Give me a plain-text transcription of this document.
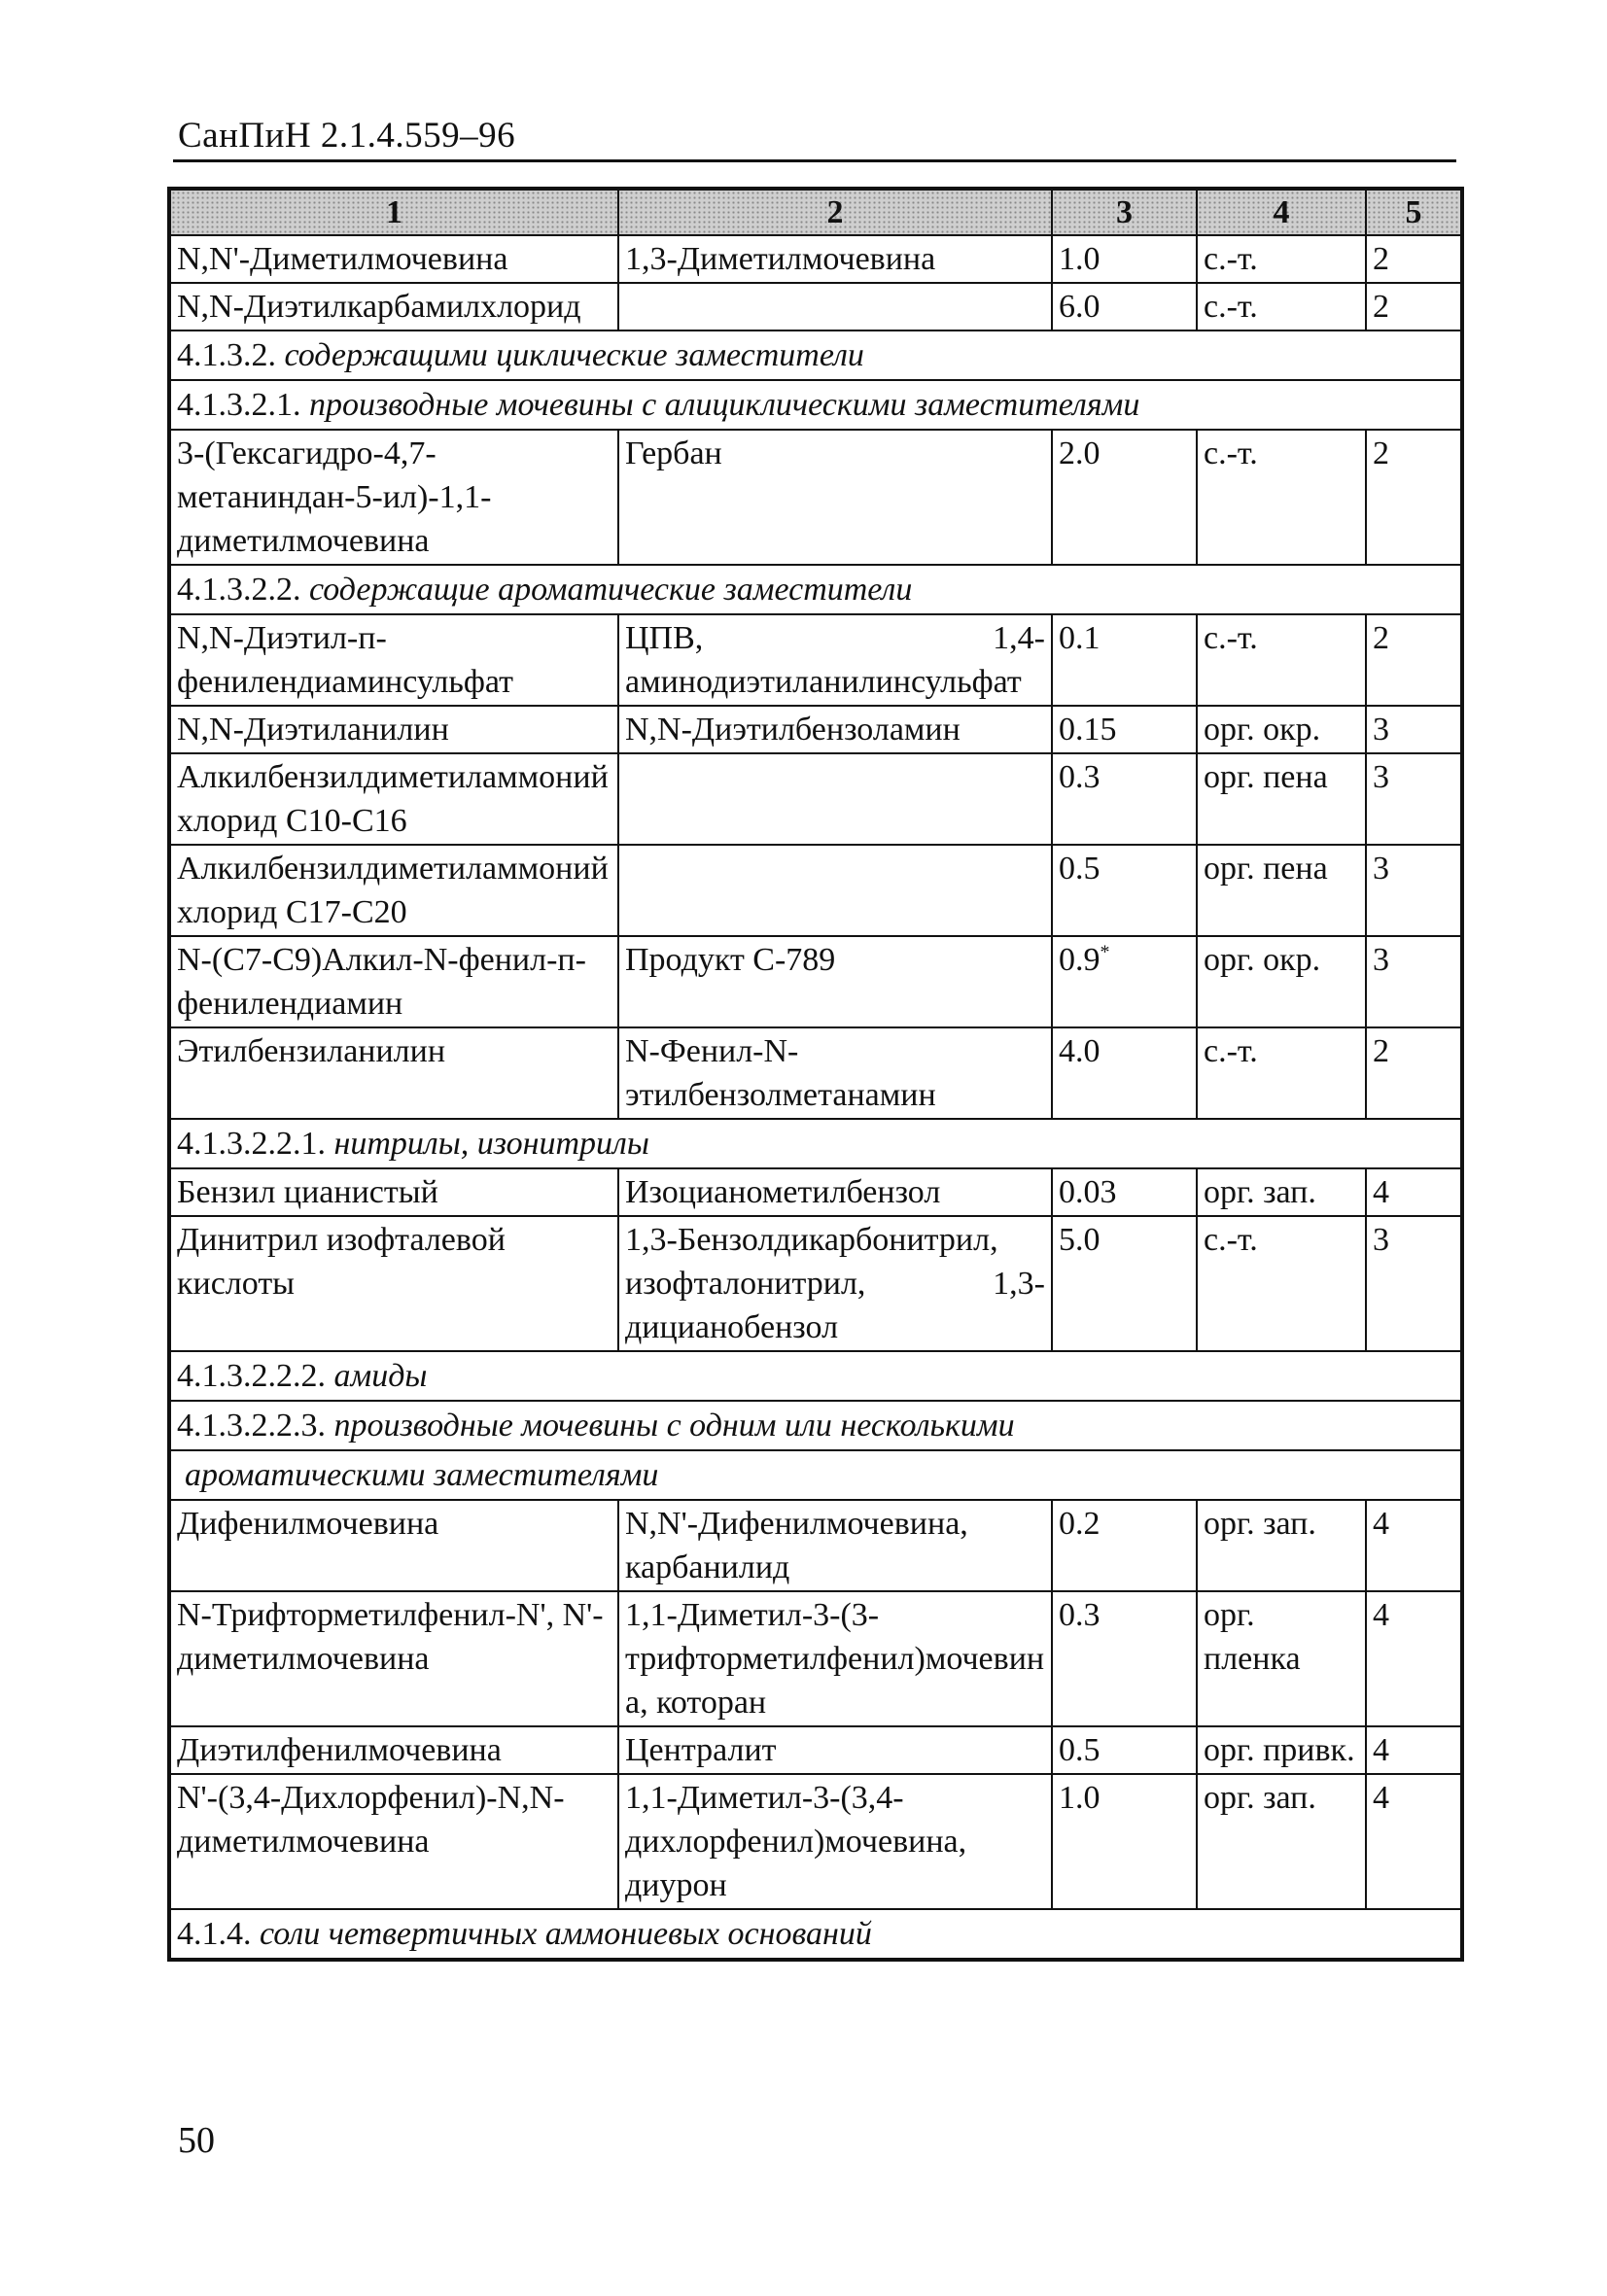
СанПиН 2.1.4.559–96
1	2	3	4	5
N,N'-Диметилмочевина	1,3-Диметилмочевина	1.0	с.-т.	2
N,N-Диэтилкарбамилхлорид		6.0	с.-т.	2
4.1.3.2. содержащими циклические заместители				
4.1.3.2.1. производные мочевины с алициклическими заместителями				
3-(Гексагидро-4,7-метаниндан-5-ил)-1,1-диметилмочевина	Гербан	2.0	с.-т.	2
4.1.3.2.2. содержащие ароматические заместители				
N,N-Диэтил-п-фенилендиаминсульфат	ЦПВ, 1,4-аминодиэтиланилинсульфат	0.1	с.-т.	2
N,N-Диэтиланилин	N,N-Диэтилбензоламин	0.15	орг. окр.	3
Алкилбензилдиметиламмоний хлорид С10-С16		0.3	орг. пена	3
Алкилбензилдиметиламмоний хлорид С17-С20		0.5	орг. пена	3
N-(C7-C9)Алкил-N-фенил-п-фенилендиамин	Продукт С-789	0.9*	орг. окр.	3
Этилбензиланилин	N-Фенил-N-этилбензолметанамин	4.0	с.-т.	2
4.1.3.2.2.1. нитрилы, изонитрилы				
Бензил цианистый	Изоцианометилбензол	0.03	орг. зап.	4
Динитрил изофталевой кислоты	1,3-Бензолдикарбонитрил, изофталонитрил, 1,3-дицианобензол	5.0	с.-т.	3
4.1.3.2.2.2. амиды				
4.1.3.2.2.3. производные мочевины с одним или несколькими				
ароматическими заместителями				
Дифенилмочевина	N,N'-Дифенилмочевина, карбанилид	0.2	орг. зап.	4
N-Трифторметилфенил-N', N'-диметилмочевина	1,1-Диметил-3-(3-трифторметилфенил)мочевина, которан	0.3	орг. пленка	4
Диэтилфенилмочевина	Централит	0.5	орг. привк.	4
N'-(3,4-Дихлорфенил)-N,N-диметилмочевина	1,1-Диметил-3-(3,4-дихлорфенил)мочевина, диурон	1.0	орг. зап.	4
4.1.4. соли четвертичных аммониевых оснований				
50
